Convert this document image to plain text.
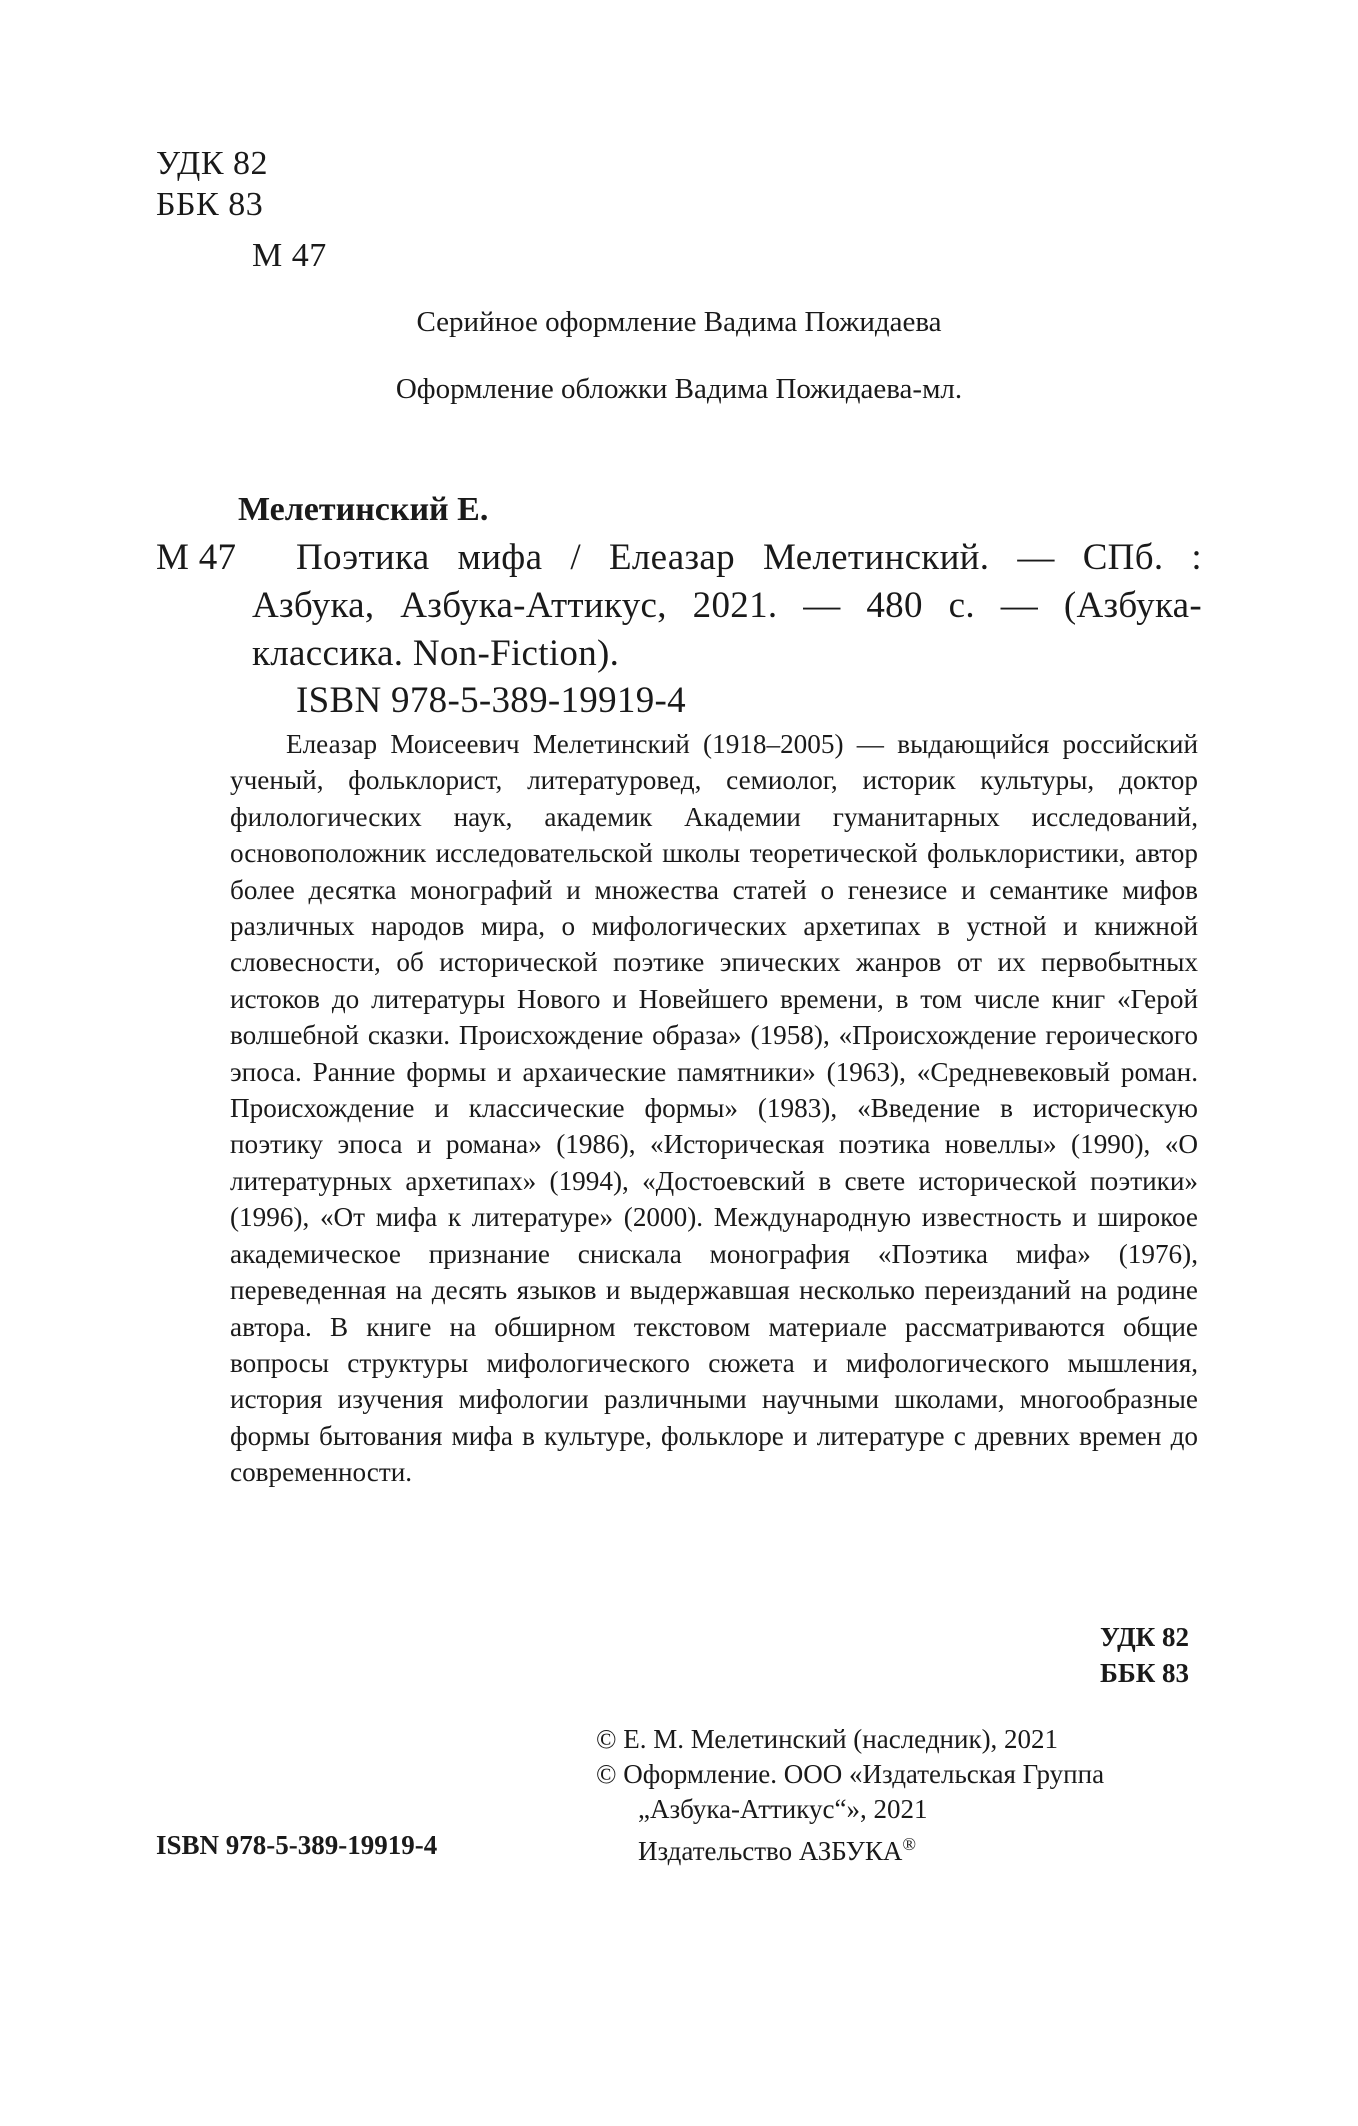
УДК 82
ББК 83
М 47
Серийное оформление Вадима Пожидаева
Оформление обложки Вадима Пожидаева-мл.
Мелетинский Е.
М 47 Поэтика мифа / Елеазар Мелетинский. — СПб. :
Азбука, Азбука-Аттикус, 2021. — 480 с. — (Азбука-
классика. Non-Fiction).
ISBN 978-5-389-19919-4
Елеазар Моисеевич Мелетинский (1918–2005) — выдающийся российский ученый, фольклорист, литературовед, семиолог, историк культуры, доктор филологических наук, академик Академии гуманитарных исследований, основоположник исследовательской школы теоретической фольклористики, автор более десятка монографий и множества статей о генезисе и семантике мифов различных народов мира, о мифологических архетипах в устной и книжной словесности, об исторической поэтике эпических жанров от их первобытных истоков до литературы Нового и Новейшего времени, в том числе книг «Герой волшебной сказки. Происхождение образа» (1958), «Происхождение героического эпоса. Ранние формы и архаические памятники» (1963), «Средневековый роман. Происхождение и классические формы» (1983), «Введение в историческую поэтику эпоса и романа» (1986), «Историческая поэтика новеллы» (1990), «О литературных архетипах» (1994), «Достоевский в свете исторической поэтики» (1996), «От мифа к литературе» (2000). Международную известность и широкое академическое признание снискала монография «Поэтика мифа» (1976), переведенная на десять языков и выдержавшая несколько переизданий на родине автора. В книге на обширном текстовом материале рассматриваются общие вопросы структуры мифологического сюжета и мифологического мышления, история изучения мифологии различными научными школами, многообразные формы бытования мифа в культуре, фольклоре и литературе с древних времен до современности.
УДК 82
ББК 83
© Е. М. Мелетинский (наследник), 2021
© Оформление. ООО «Издательская Группа
„Азбука-Аттикус“», 2021
Издательство АЗБУКА®
ISBN 978-5-389-19919-4
